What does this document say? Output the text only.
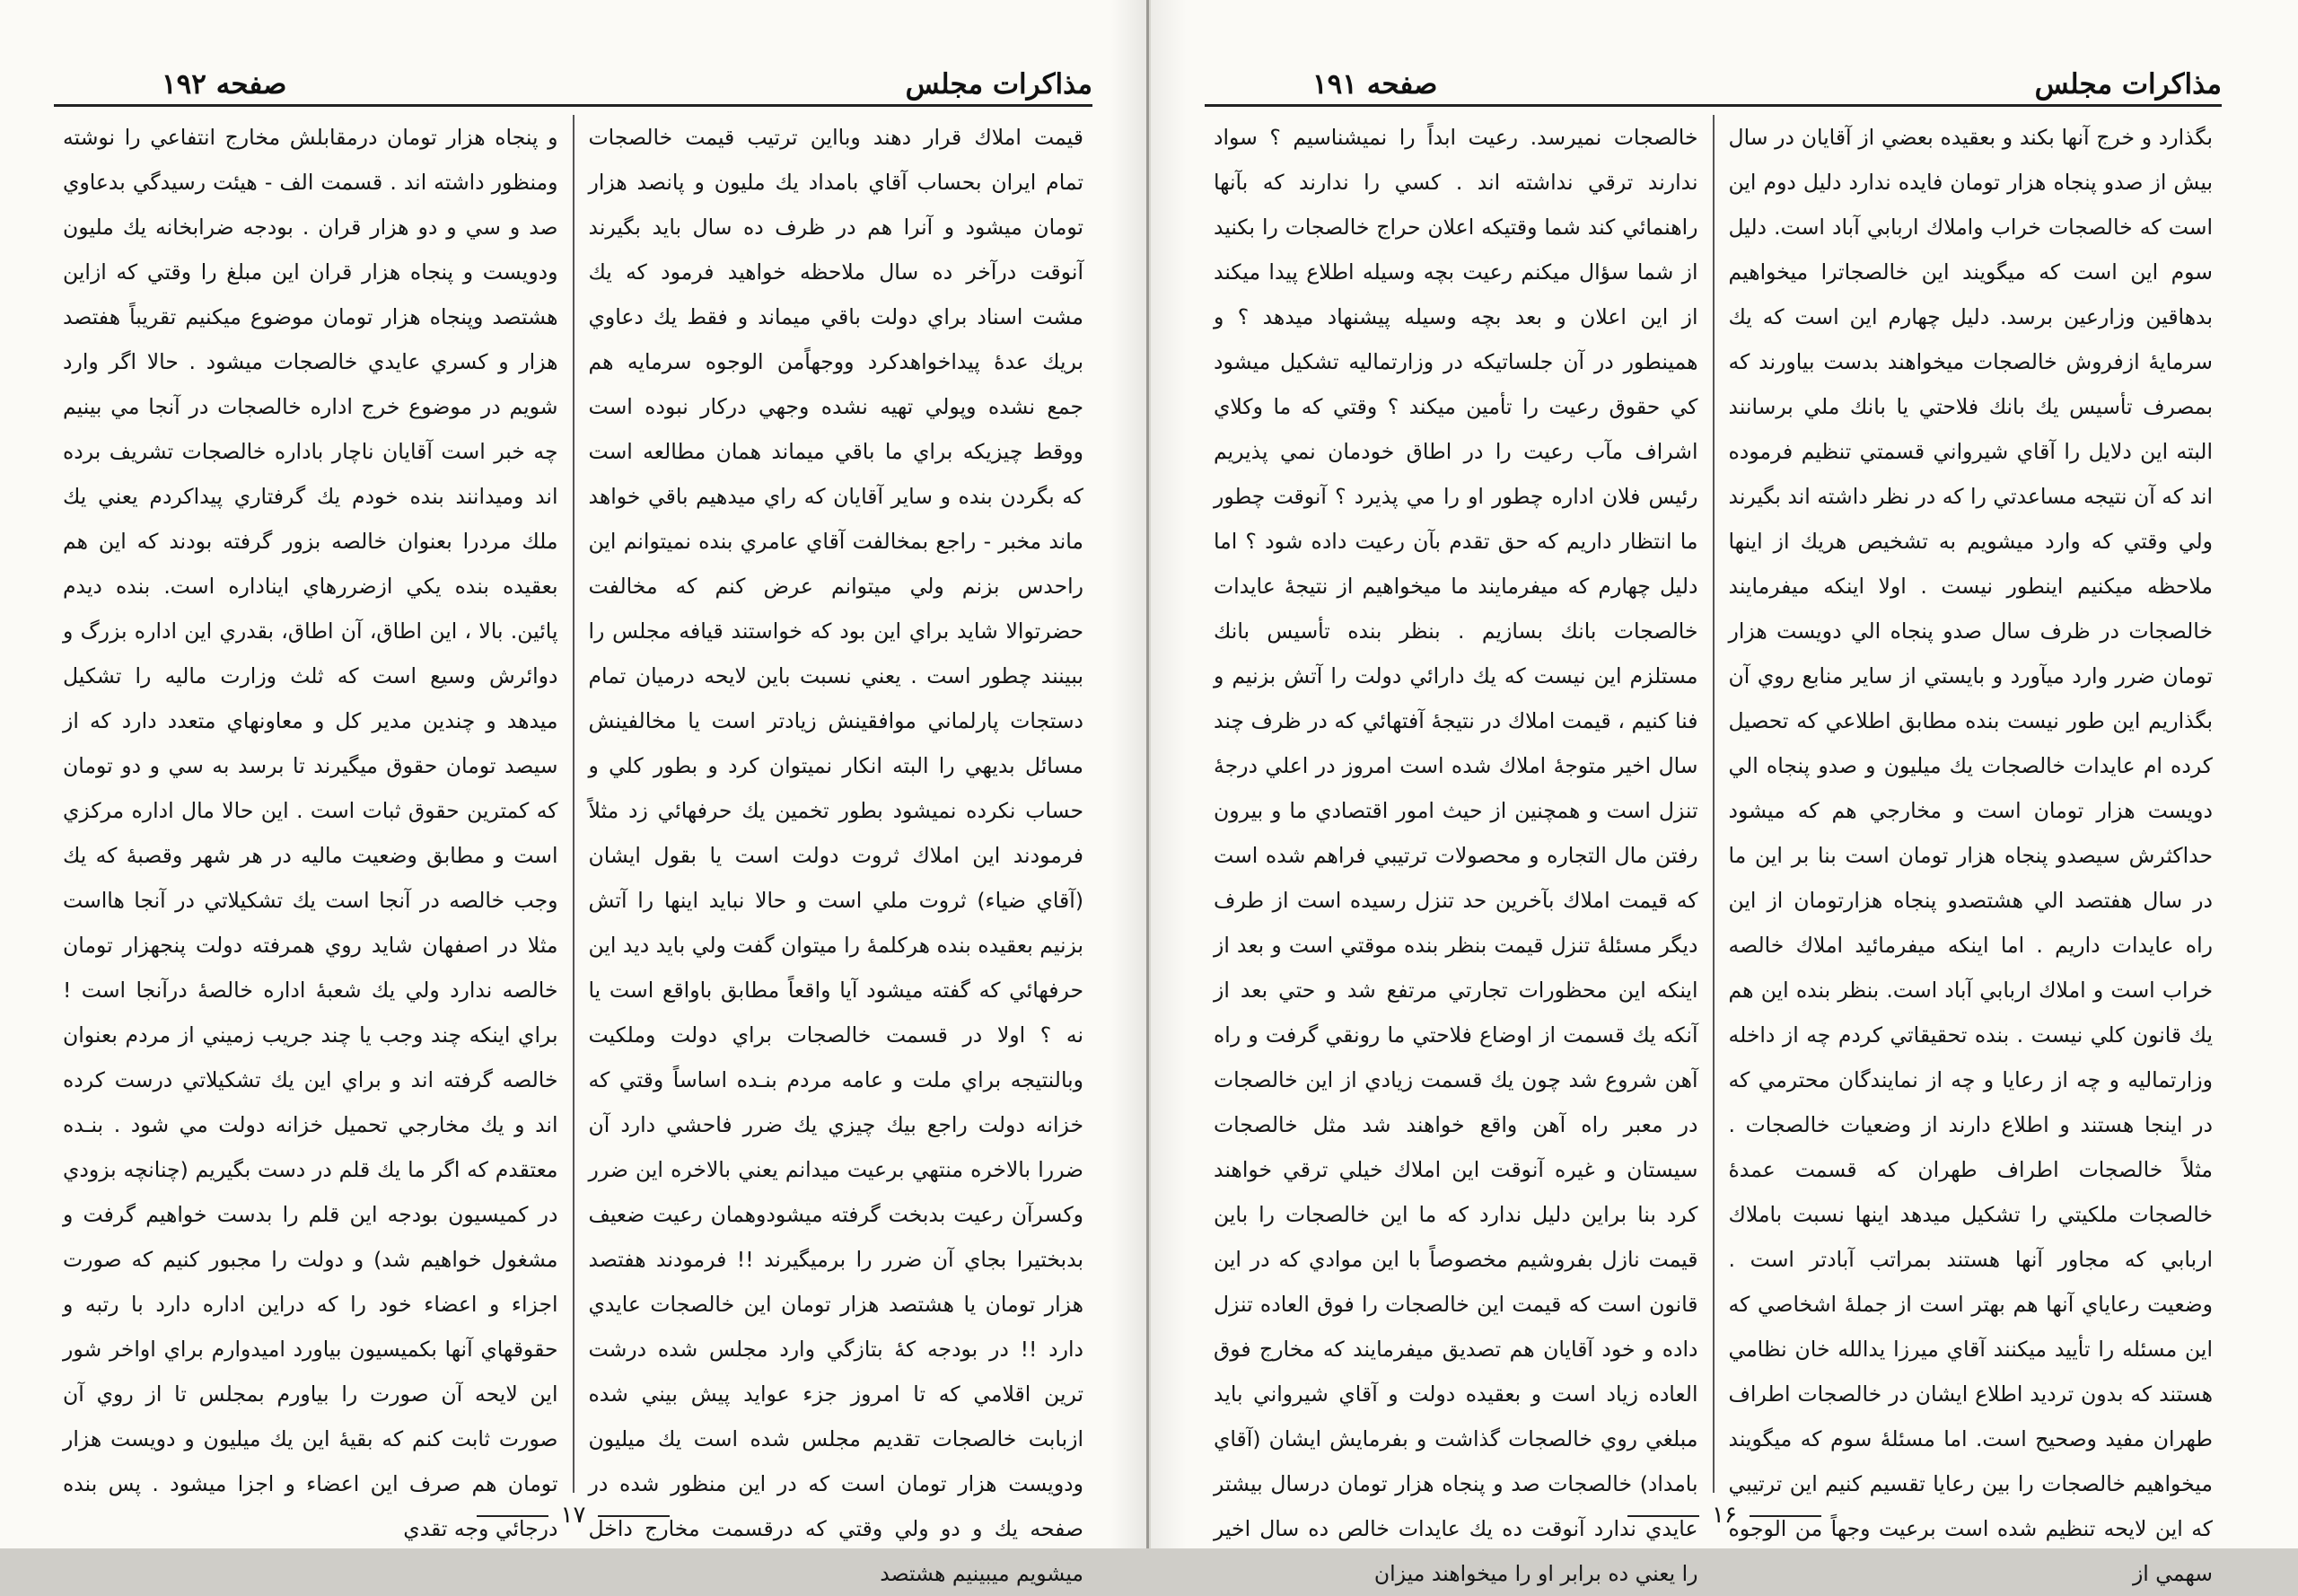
مذاكرات مجلس
صفحه ۱۹۲

قيمت املاك قرار دهند وبااين ترتيب قيمت خالصجات تمام ايران بحساب آقاي بامداد يك مليون و پانصد هزار تومان ميشود و آنرا هم در ظرف ده سال بايد بگيرند آنوقت درآخر ده سال ملاحظه خواهيد فرمود كه يك مشت اسناد براي دولت باقي ميماند و فقط يك دعاوي بريك عدهٔ پيداخواهدكرد ووجهاًمن الوجوه سرمايه هم جمع نشده وپولي تهيه نشده وجهي دركار نبوده است ووقط چيزيكه براي ما باقي ميماند همان مطالعه است كه بگردن بنده و ساير آقايان كه راي ميدهيم باقي خواهد ماند مخبر - راجع بمخالفت آقاي عامري بنده نميتوانم اين راحدس بزنم ولي ميتوانم عرض كنم كه مخالفت حضرتوالا شايد براي اين بود كه خواستند قيافه مجلس را ببينند چطور است . يعني نسبت باين لايحه درميان تمام دستجات پارلماني موافقينش زيادتر است يا مخالفينش مسائل بديهي را البته انكار نميتوان كرد و بطور كلي و حساب نكرده نميشود بطور تخمين يك حرفهائي زد مثلاً فرمودند اين املاك ثروت دولت است يا بقول ايشان (آقاي ضياء) ثروت ملي است و حالا نبايد اينها را آتش بزنيم بعقيده بنده هركلمهٔ را ميتوان گفت ولي بايد ديد اين حرفهائي كه گفته ميشود آيا واقعاً مطابق باواقع است يا نه ؟ اولا در قسمت خالصجات براي دولت وملكيت وبالنتيجه براي ملت و عامه مردم بنـده اساساً وقتي كه خزانه دولت راجع بيك چيزي يك ضرر فاحشي دارد آن ضررا بالاخره منتهي برعيت ميدانم يعني بالاخره اين ضرر وكسرآن رعيت بدبخت گرفته ميشودوهمان رعيت ضعيف بدبختيرا بجاي آن ضرر را برميگيرند !! فرمودند هفتصد هزار تومان يا هشتصد هزار تومان اين خالصجات عايدي دارد !! در بودجه كهٔ بتازگي وارد مجلس شده درشت ترين اقلامي كه تا امروز جزء عوايد پيش بيني شده ازبابت خالصجات تقديم مجلس شده است يك ميليون ودويست هزار تومان است كه در اين منظور شده در صفحه يك و دو ولي وقتي كه درقسمت مخارج داخل ميشويم ميبينيم هشتصد

و پنجاه هزار تومان درمقابلش مخارج انتفاعي را نوشته ومنظور داشته اند . قسمت الف - هيئت رسيدگي بدعاوي صد و سي و دو هزار قران . بودجه ضرابخانه يك مليون ودويست و پنجاه هزار قران اين مبلغ را وقتي كه ازاين هشتصد وپنجاه هزار تومان موضوع ميكنيم تقريباً هفتصد هزار و كسري عايدي خالصجات ميشود . حالا اگر وارد شويم در موضوع خرج اداره خالصجات در آنجا مي بينيم چه خبر است آقايان ناچار باداره خالصجات تشريف برده اند وميدانند بنده خودم يك گرفتاري پيداكردم يعني يك ملك مردرا بعنوان خالصه بزور گرفته بودند كه اين هم بعقيده بنده يكي ازضررهاي ايناداره است. بنده ديدم پائين. بالا ، اين اطاق، آن اطاق، بقدري اين اداره بزرگ و دوائرش وسيع است كه ثلث وزارت ماليه را تشكيل ميدهد و چندين مدير كل و معاونهاي متعدد دارد كه از سيصد تومان حقوق ميگيرند تا برسد به سي و دو تومان كه كمترين حقوق ثبات است . اين حالا مال اداره مركزي است و مطابق وضعيت ماليه در هر شهر وقصبهٔ كه يك وجب خالصه در آنجا است يك تشكيلاتي در آنجا هااست مثلا در اصفهان شايد روي همرفته دولت پنجهزار تومان خالصه ندارد ولي يك شعبهٔ اداره خالصهٔ درآنجا است ! براي اينكه چند وجب يا چند جريب زميني از مردم بعنوان خالصه گرفته اند و براي اين يك تشكيلاتي درست كرده اند و يك مخارجي تحميل خزانه دولت مي شود . بنـده معتقدم كه اگر ما يك قلم در دست بگيريم (چنانچه بزودي در كميسيون بودجه اين قلم را بدست خواهيم گرفت و مشغول خواهيم شد) و دولت را مجبور كنيم كه صورت اجزاء و اعضاء خود را كه دراين اداره دارد با رتبه و حقوقهاي آنها بكميسيون بياورد اميدوارم براي اواخر شور اين لايحه آن صورت را بياورم بمجلس تا از روي آن صورت ثابت كنم كه بقيهٔ اين يك ميليون و دويست هزار تومان هم صرف اين اعضاء و اجزا ميشود . پس بنده درجائي وجه تقدي ۱۷
مذاكرات مجلس
صفحه ۱۹۱

بگذارد و خرج آنها بكند و بعقيده بعضي از آقايان در سال بيش از صدو پنجاه هزار تومان فايده ندارد دليل دوم اين است كه خالصجات خراب واملاك اربابي آباد است. دليل سوم اين است كه ميگويند اين خالصجاترا ميخواهيم بدهاقين وزارعين برسد. دليل چهارم اين است كه يك سرمايهٔ ازفروش خالصجات ميخواهند بدست بياورند كه بمصرف تأسيس يك بانك فلاحتي يا بانك ملي برسانند البته اين دلايل را آقاي شيرواني قسمتي تنظيم فرموده اند كه آن نتيجه مساعدتي را كه در نظر داشته اند بگيرند ولي وقتي كه وارد ميشويم به تشخيص هريك از اينها ملاحظه ميكنيم اينطور نيست . اولا اينكه ميفرمايند خالصجات در ظرف سال صدو پنجاه الي دويست هزار تومان ضرر وارد ميآورد و بايستي از ساير منابع روي آن بگذاريم اين طور نيست بنده مطابق اطلاعي كه تحصيل كرده ام عايدات خالصجات يك ميليون و صدو پنجاه الي دويست هزار تومان است و مخارجي هم كه ميشود حداكثرش سيصدو پنجاه هزار تومان است بنا بر اين ما در سال هفتصد الي هشتصدو پنجاه هزارتومان از اين راه عايدات داريم . اما اينكه ميفرمائيد املاك خالصه خراب است و املاك اربابي آباد است. بنظر بنده اين هم يك قانون كلي نيست . بنده تحقيقاتي كردم چه از داخله وزارتماليه و چه از رعايا و چه از نمايندگان محترمي كه در اينجا هستند و اطلاع دارند از وضعيات خالصجات . مثلاً خالصجات اطراف طهران كه قسمت عمدهٔ خالصجات ملكيتي را تشكيل ميدهد اينها نسبت باملاك اربابي كه مجاور آنها هستند بمراتب آبادتر است . وضعيت رعاياي آنها هم بهتر است از جملهٔ اشخاصي كه اين مسئله را تأييد ميكنند آقاي ميرزا يدالله خان نظامي هستند كه بدون ترديد اطلاع ايشان در خالصجات اطراف طهران مفيد وصحيح است. اما مسئلهٔ سوم كه ميگويند ميخواهيم خالصجات را بين رعايا تقسيم كنيم اين ترتيبي كه اين لايحه تنظيم شده است برعيت وجهاً من الوجوه سهمي از

خالصجات نميرسد. رعيت ابداً را نميشناسيم ؟ سواد ندارند ترقي نداشته اند . كسي را ندارند كه بآنها راهنمائي كند شما وقتيكه اعلان حراج خالصجات را بكنيد از شما سؤال ميكنم رعيت بچه وسيله اطلاع پيدا ميكند از اين اعلان و بعد بچه وسيله پيشنهاد ميدهد ؟ و همينطور در آن جلساتيكه در وزارتماليه تشكيل ميشود كي حقوق رعيت را تأمين ميكند ؟ وقتي كه ما وكلاي اشراف مآب رعيت را در اطاق خودمان نمي پذيريم رئيس فلان اداره چطور او را مي پذيرد ؟ آنوقت چطور ما انتظار داريم كه حق تقدم بآن رعيت داده شود ؟ اما دليل چهارم كه ميفرمايند ما ميخواهيم از نتيجهٔ عايدات خالصجات بانك بسازيم . بنظر بنده تأسيس بانك مستلزم اين نيست كه يك دارائي دولت را آتش بزنيم و فنا كنيم ، قيمت املاك در نتيجهٔ آفتهائي كه در ظرف چند سال اخير متوجهٔ املاك شده است امروز در اعلي درجهٔ تنزل است و همچنين از حيث امور اقتصادي ما و بيرون رفتن مال التجاره و محصولات ترتيبي فراهم شده است كه قيمت املاك بآخرين حد تنزل رسيده است از طرف ديگر مسئلهٔ تنزل قيمت بنظر بنده موقتي است و بعد از اينكه اين محظورات تجارتي مرتفع شد و حتي بعد از آنكه يك قسمت از اوضاع فلاحتي ما رونقي گرفت و راه آهن شروع شد چون يك قسمت زيادي از اين خالصجات در معبر راه آهن واقع خواهند شد مثل خالصجات سيستان و غيره آنوقت اين املاك خيلي ترقي خواهند كرد بنا براين دليل ندارد كه ما اين خالصجات را باين قيمت نازل بفروشيم مخصوصاً با اين موادي كه در اين قانون است كه قيمت اين خالصجات را فوق العاده تنزل داده و خود آقايان هم تصديق ميفرمايند كه مخارج فوق العاده زياد است و بعقيده دولت و آقاي شيرواني بايد مبلغي روي خالصجات گذاشت و بفرمايش ايشان (آقاي بامداد) خالصجات صد و پنجاه هزار تومان درسال بيشتر عايدي ندارد آنوقت ده يك عايدات خالص ده سال اخير را يعني ده برابر او را ميخواهند ميزان

۱۶
